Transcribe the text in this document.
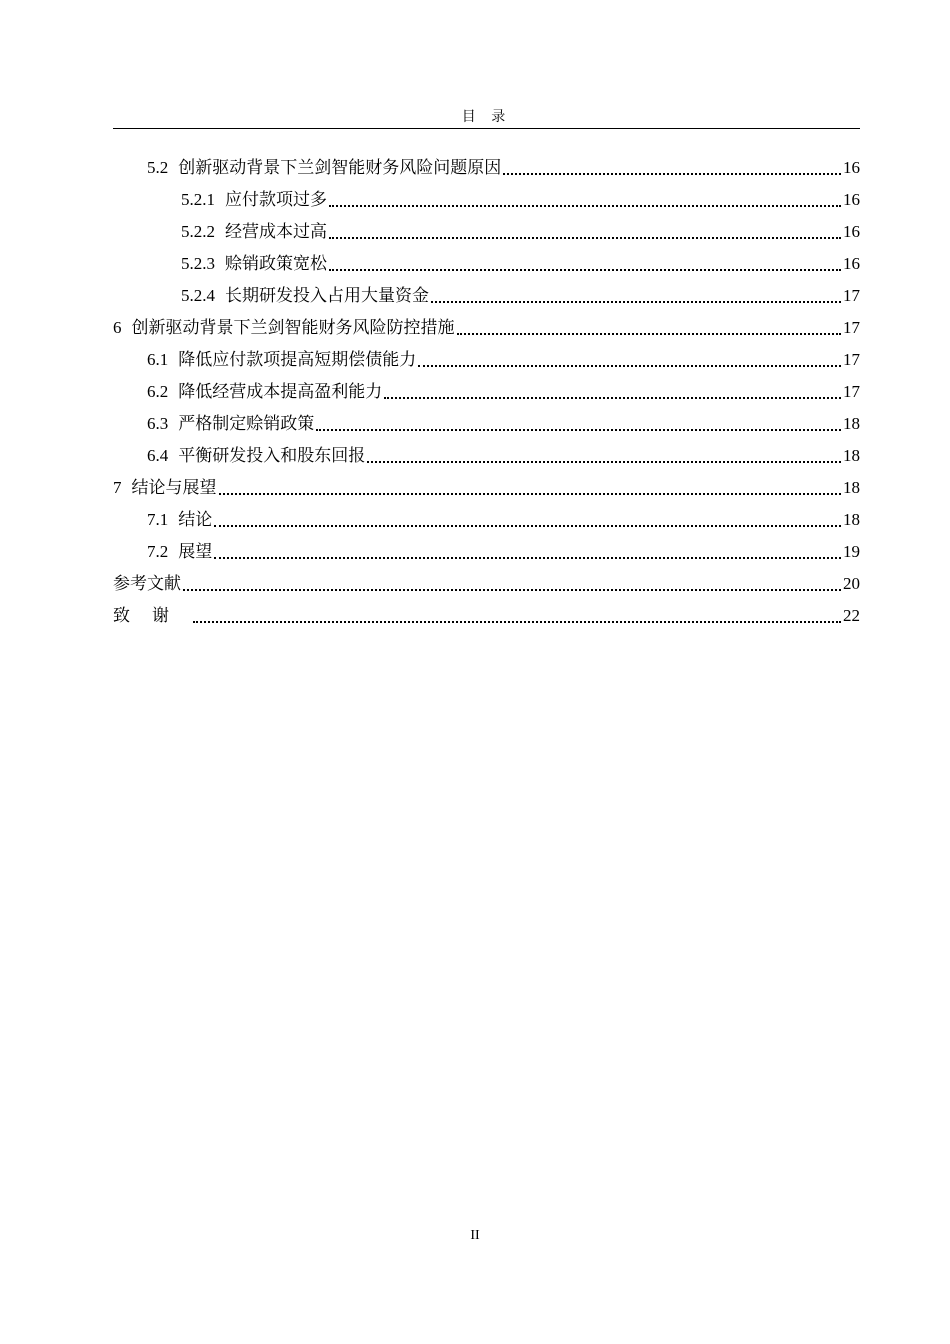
目 录
5.2 创新驱动背景下兰剑智能财务风险问题原因	16
5.2.1 应付款项过多	16
5.2.2 经营成本过高	16
5.2.3 赊销政策宽松	16
5.2.4 长期研发投入占用大量资金	17
6 创新驱动背景下兰剑智能财务风险防控措施	17
6.1 降低应付款项提高短期偿债能力	17
6.2 降低经营成本提高盈利能力	17
6.3 严格制定赊销政策	18
6.4 平衡研发投入和股东回报	18
7 结论与展望	18
7.1 结论	18
7.2 展望	19
参考文献	20
致谢	22
II
